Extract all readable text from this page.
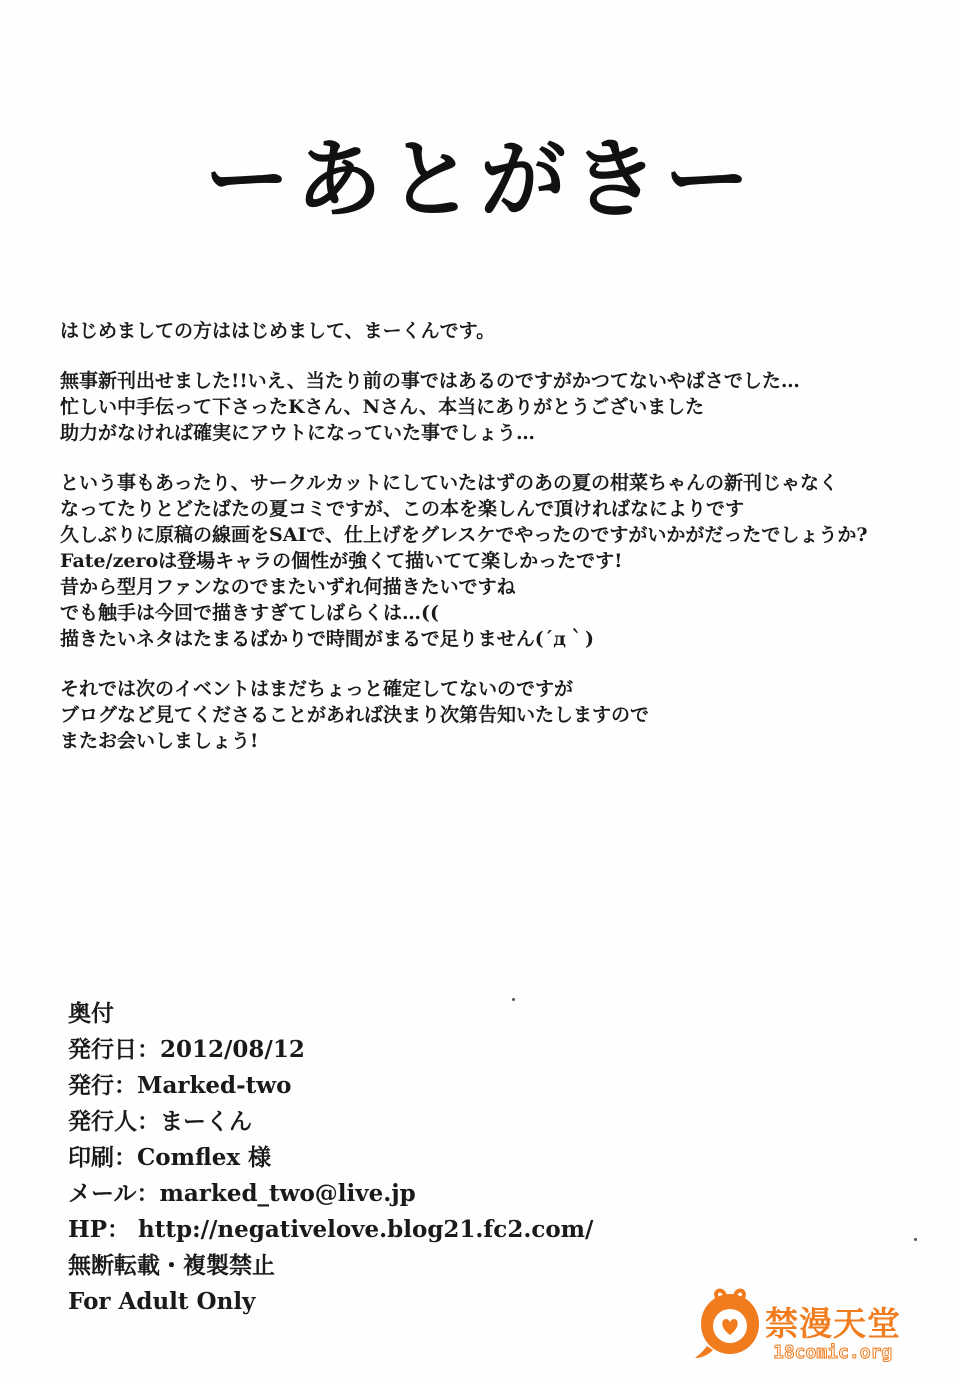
ーあとがきー
はじめましての方ははじめまして、まーくんです。
無事新刊出せました!!いえ、当たり前の事ではあるのですがかつてないやばさでした…
忙しい中手伝って下さったKさん、Nさん、本当にありがとうございました
助力がなければ確実にアウトになっていた事でしょう…
という事もあったり、サークルカットにしていたはずのあの夏の柑菜ちゃんの新刊じゃなく
なってたりとどたばたの夏コミですが、この本を楽しんで頂ければなによりです
久しぶりに原稿の線画をSAIで、仕上げをグレスケでやったのですがいかがだったでしょうか?
Fate/zeroは登場キャラの個性が強くて描いてて楽しかったです!
昔から型月ファンなのでまたいずれ何描きたいですね
でも触手は今回で描きすぎてしばらくは…((
描きたいネタはたまるばかりで時間がまるで足りません(´д｀)
それでは次のイベントはまだちょっと確定してないのですが
ブログなど見てくださることがあれば決まり次第告知いたしますので
またお会いしましょう!
奥付
発行日：2012/08/12
発行：Marked-two
発行人：まーくん
印刷：Comflex 様
メール：marked_two@live.jp
HP： http://negativelove.blog21.fc2.com/
無断転載・複製禁止
For Adult Only
禁漫天堂
18comic.org
